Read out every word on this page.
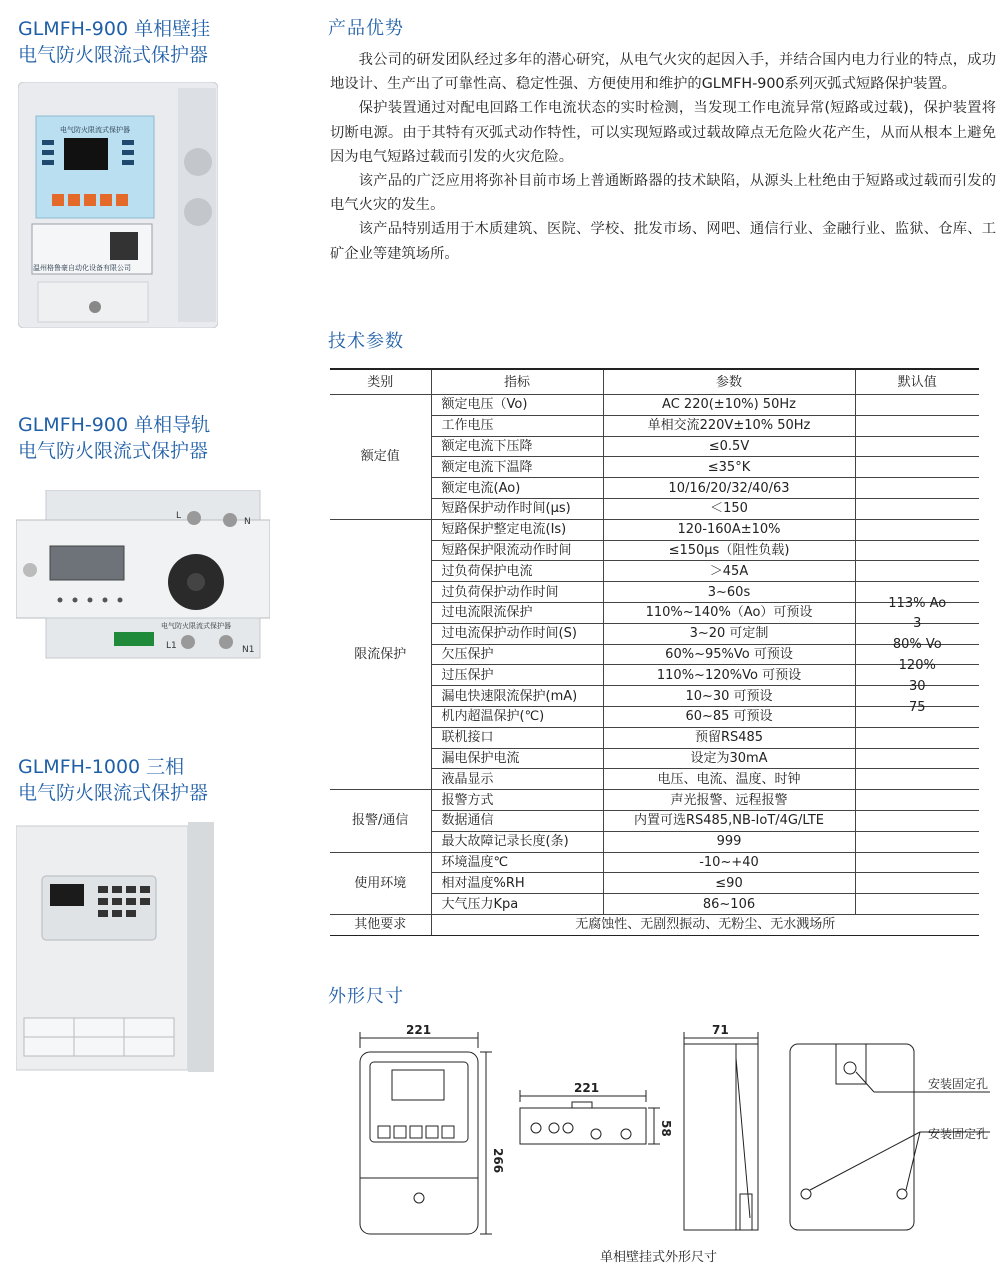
GLMFH-900 单相壁挂
电气防火限流式保护器
GLMFH-900 单相导轨
电气防火限流式保护器
GLMFH-1000 三相
电气防火限流式保护器
电气防火限流式保护器
温州格鲁豪自动化设备有限公司
L
N
电气防火限流式保护器
L1	N1
产品优势

我公司的研发团队经过多年的潜心研究，从电气火灾的起因入手，并结合国内电力行业的特点，成功地设计、生产出了可靠性高、稳定性强、方便使用和维护的GLMFH-900系列灭弧式短路保护装置。

保护装置通过对配电回路工作电流状态的实时检测，当发现工作电流异常(短路或过载)，保护装置将切断电源。由于其特有灭弧式动作特性，可以实现短路或过载故障点无危险火花产生，从而从根本上避免因为电气短路过载而引发的火灾危险。

该产品的广泛应用将弥补目前市场上普通断路器的技术缺陷，从源头上杜绝由于短路或过载而引发的电气火灾的发生。

该产品特别适用于木质建筑、医院、学校、批发市场、网吧、通信行业、金融行业、监狱、仓库、工矿企业等建筑场所。

技术参数
类别	指标	参数	默认值
额定值	额定电压（Vo)	AC 220(±10%) 50Hz	
	工作电压	单相交流220V±10% 50Hz	
	额定电流下压降	≤0.5V	
	额定电流下温降	≤35°K	
	额定电流(Ao)	10/16/20/32/40/63	
	短路保护动作时间(μs)	＜150	
限流保护	短路保护整定电流(Is)	120-160A±10%	
	短路保护限流动作时间	≤150μs（阻性负载)	
	过负荷保护电流	＞45A	
	过负荷保护动作时间	3~60s	113% Ao
	过电流限流保护	110%~140%（Ao）可预设	3
	过电流保护动作时间(S)	3~20 可定制	80% Vo
	欠压保护	60%~95%Vo 可预设	120%
	过压保护	110%~120%Vo 可预设	30
	漏电快速限流保护(mA)	10~30 可预设	75
	机内超温保护(℃)	60~85 可预设	
	联机接口	预留RS485	
	漏电保护电流	设定为30mA	
	液晶显示	电压、电流、温度、时钟	
报警/通信	报警方式	声光报警、远程报警	
	数据通信	内置可选RS485,NB-IoT/4G/LTE	
	最大故障记录长度(条)	999	
使用环境	环境温度℃	-10~+40	
	相对温度%RH	≤90	
	大气压力Kpa	86~106	
其他要求	无腐蚀性、无剧烈振动、无粉尘、无水溅场所		
外形尺寸
221
266
221
58
71
安装固定孔
安装固定孔
单相壁挂式外形尺寸
